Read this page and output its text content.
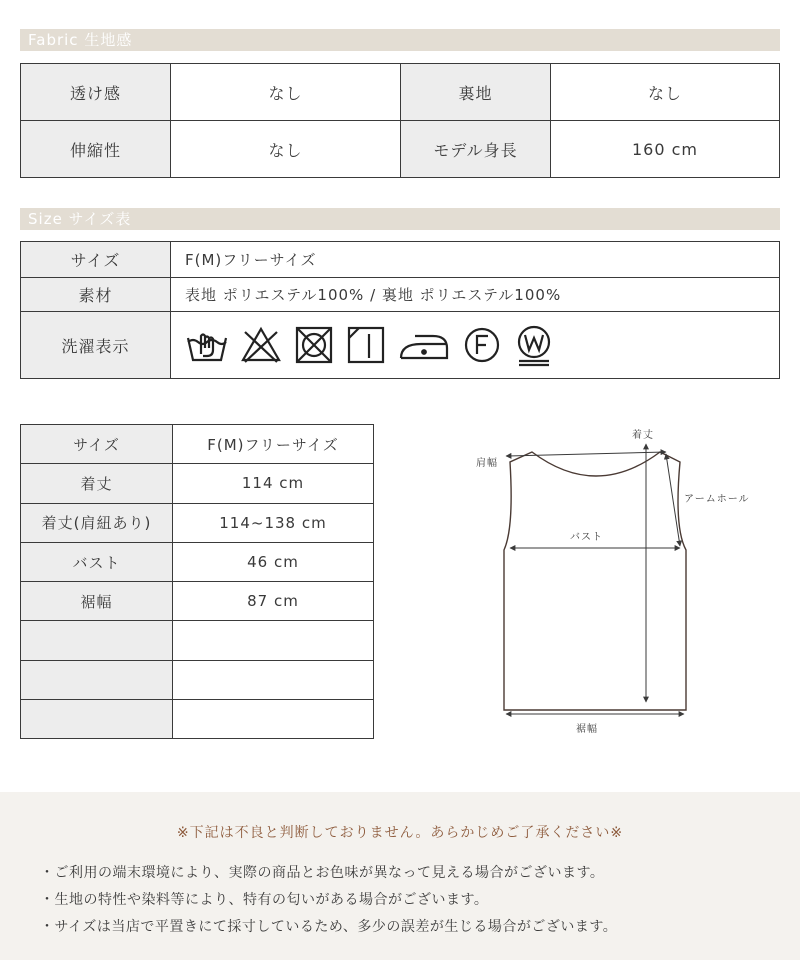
Fabric 生地感
透け感	なし	裏地	なし
伸縮性	なし	モデル身長	160 cm
Size サイズ表
サイズ	F(M)フリーサイズ
素材	表地 ポリエステル100% / 裏地 ポリエステル100%
洗濯表示	
サイズ	F(M)フリーサイズ
着丈	114 cm
着丈(肩紐あり)	114~138 cm
バスト	46 cm
裾幅	87 cm

着丈
肩幅
アームホール
バスト
裾幅
※下記は不良と判断しておりません。あらかじめご了承ください※
・ご利用の端末環境により、実際の商品とお色味が異なって見える場合がございます。
・生地の特性や染料等により、特有の匂いがある場合がございます。
・サイズは当店で平置きにて採寸しているため、多少の誤差が生じる場合がございます。
